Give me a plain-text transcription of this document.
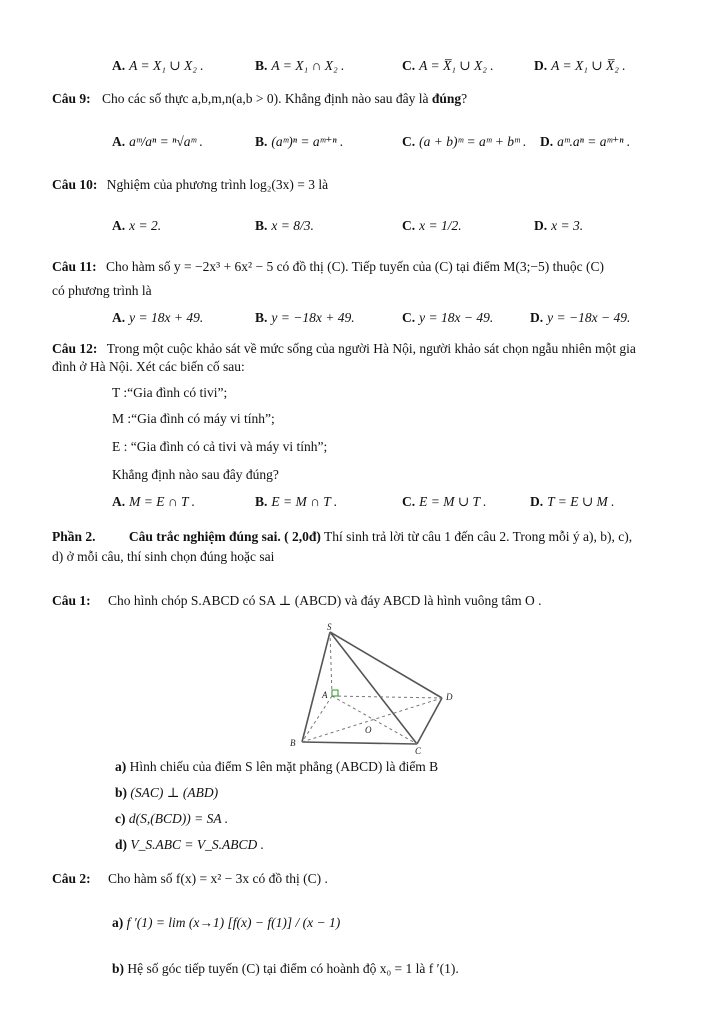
A. A = X₁ ∪ X₂ .	B. A = X₁ ∩ X₂ .	C. A = X̅₁ ∪ X₂ .	D. A = X₁ ∪ X̅₂ .
Câu 9: Cho các số thực a,b,m,n(a,b > 0). Khẳng định nào sau đây là đúng?
A. aᵐ/aⁿ = ⁿ√aᵐ .	B. (aᵐ)ⁿ = aᵐ⁺ⁿ .	C. (a + b)ᵐ = aᵐ + bᵐ . D. aᵐ.aⁿ = aᵐ⁺ⁿ .
Câu 10: Nghiệm của phương trình log₂(3x) = 3 là
A. x = 2.	B. x = 8/3.	C. x = 1/2.	D. x = 3.
Câu 11: Cho hàm số y = −2x³ + 6x² − 5 có đồ thị (C). Tiếp tuyến của (C) tại điểm M(3;−5) thuộc (C)
có phương trình là
A. y = 18x + 49.	B. y = −18x + 49.	C. y = 18x − 49.	D. y = −18x − 49.
Câu 12: Trong một cuộc khảo sát về mức sống của người Hà Nội, người khảo sát chọn ngẫu nhiên một gia
đình ở Hà Nội. Xét các biến cố sau:
T :“Gia đình có tivi”;
M :“Gia đình có máy vi tính”;
E : “Gia đình có cả tivi và máy vi tính”;
Khẳng định nào sau đây đúng?
A. M = E ∩ T .	B. E = M ∩ T .	C. E = M ∪ T .	D. T = E ∪ M .
Phần 2. Câu trắc nghiệm đúng sai. ( 2,0đ) Thí sinh trả lời từ câu 1 đến câu 2. Trong mỗi ý a), b), c),
d) ở mỗi câu, thí sinh chọn đúng hoặc sai
Câu 1: Cho hình chóp S.ABCD có SA ⊥ (ABCD) và đáy ABCD là hình vuông tâm O .
S
A
B
C
D
O
a) Hình chiếu của điểm S lên mặt phẳng (ABCD) là điểm B
b) (SAC) ⊥ (ABD)
c) d(S,(BCD)) = SA .
d) V_S.ABC = V_S.ABCD .
Câu 2: Cho hàm số f(x) = x² − 3x có đồ thị (C) .
a) f ′(1) = lim (x→1) [f(x) − f(1)] / (x − 1)
b) Hệ số góc tiếp tuyến (C) tại điểm có hoành độ x₀ = 1 là f ′(1).
